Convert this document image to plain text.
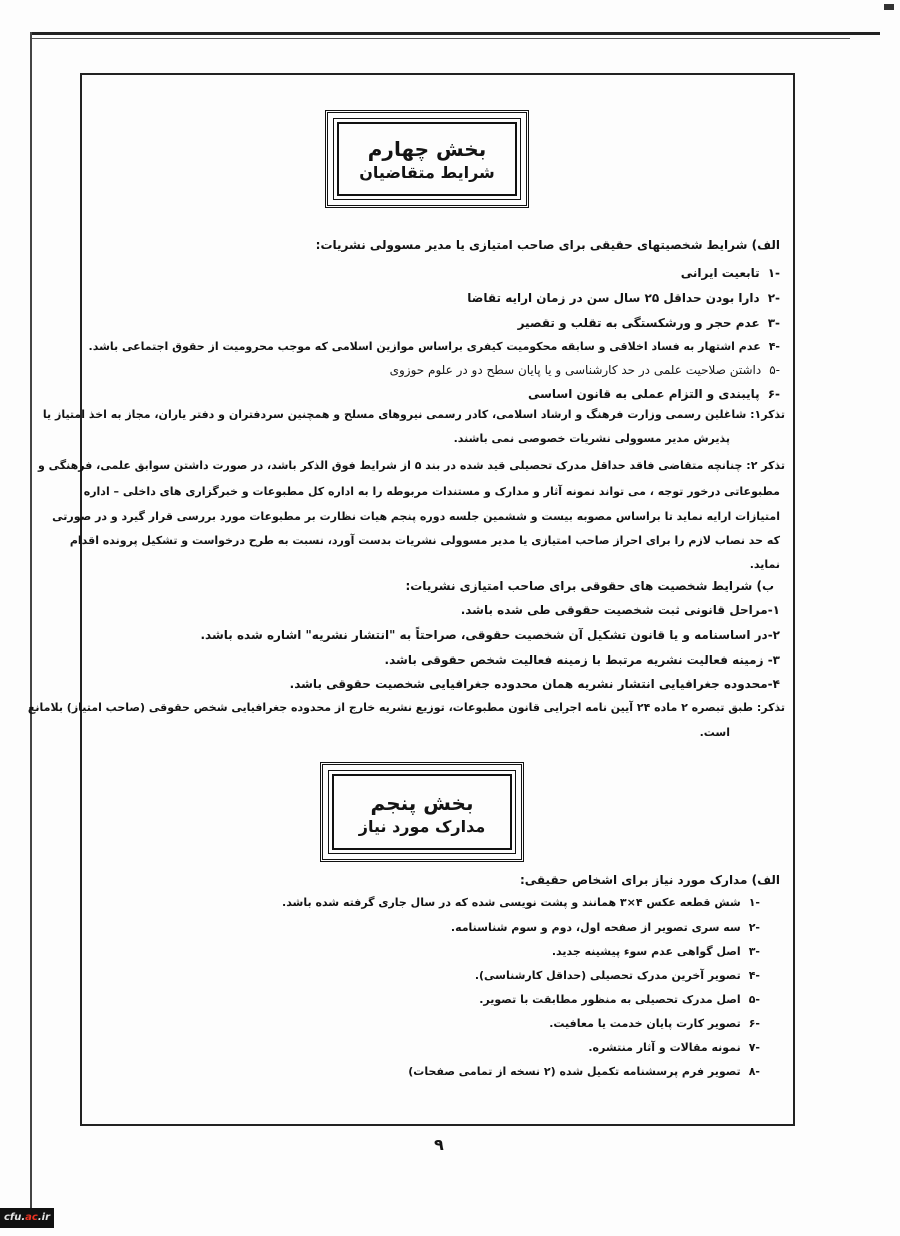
بخش چهارم
شرایط متقاضیان
الف) شرایط شخصیتهای حقیقی برای صاحب امتیازی یا مدیر مسوولی نشریات:
-۱تابعیت ایرانی
-۲دارا بودن حداقل ۲۵ سال سن در زمان ارایه تقاضا
-۳عدم حجر و ورشکستگی به تقلب و تقصیر
-۴عدم اشتهار به فساد اخلاقی و سابقه محکومیت کیفری براساس موازین اسلامی که موجب محرومیت از حقوق اجتماعی باشد.
-۵داشتن صلاحیت علمی در حد کارشناسی و یا پایان سطح دو در علوم حوزوی
-۶پایبندی و التزام عملی به قانون اساسی
تذکر۱: شاغلین رسمی وزارت فرهنگ و ارشاد اسلامی، کادر رسمی نیروهای مسلح و همچنین سردفتران و دفتر یاران، مجاز به اخذ امتیاز یا
پذیرش مدیر مسوولی نشریات خصوصی نمی باشند.
تذکر ۲: چنانچه متقاضی فاقد حداقل مدرک تحصیلی قید شده در بند ۵ از شرایط فوق الذکر باشد، در صورت داشتن سوابق علمی، فرهنگی و
مطبوعاتی درخور توجه ، می تواند نمونه آثار و مدارک و مستندات مربوطه را به اداره کل مطبوعات و خبرگزاری های داخلی – اداره
امتیازات ارایه نماید تا براساس مصوبه بیست و ششمین جلسه دوره پنجم هیات نظارت بر مطبوعات مورد بررسی قرار گیرد و در صورتی
که حد نصاب لازم را برای احراز صاحب امتیازی یا مدیر مسوولی نشریات بدست آورد، نسبت به طرح درخواست و تشکیل پرونده اقدام
نماید.
ب) شرایط شخصیت های حقوقی برای صاحب امتیازی نشریات:
۱-مراحل قانونی ثبت شخصیت حقوقی طی شده باشد.
۲-در اساسنامه و یا قانون تشکیل آن شخصیت حقوقی، صراحتاً به "انتشار نشریه" اشاره شده باشد.
۳- زمینه فعالیت نشریه مرتبط با زمینه فعالیت شخص حقوقی باشد.
۴-محدوده جغرافیایی انتشار نشریه همان محدوده جغرافیایی شخصیت حقوقی باشد.
تذکر: طبق تبصره ۲ ماده ۲۴ آیین نامه اجرایی قانون مطبوعات، توزیع نشریه خارج از محدوده جغرافیایی شخص حقوقی (صاحب امتیاز) بلامانع
است.
بخش پنجم
مدارک مورد نیاز
الف) مدارک مورد نیاز برای اشخاص حقیقی:
-۱شش قطعه عکس ۴×۳ همانند و پشت نویسی شده که در سال جاری گرفته شده باشد.
-۲سه سری تصویر از صفحه اول، دوم و سوم شناسنامه.
-۳اصل گواهی عدم سوء پیشینه جدید.
-۴تصویر آخرین مدرک تحصیلی (حداقل کارشناسی).
-۵اصل مدرک تحصیلی به منظور مطابقت با تصویر.
-۶تصویر کارت پایان خدمت یا معافیت.
-۷نمونه مقالات و آثار منتشره.
-۸تصویر فرم پرسشنامه تکمیل شده (۲ نسخه از تمامی صفحات)
۹
cfu.ac.ir
